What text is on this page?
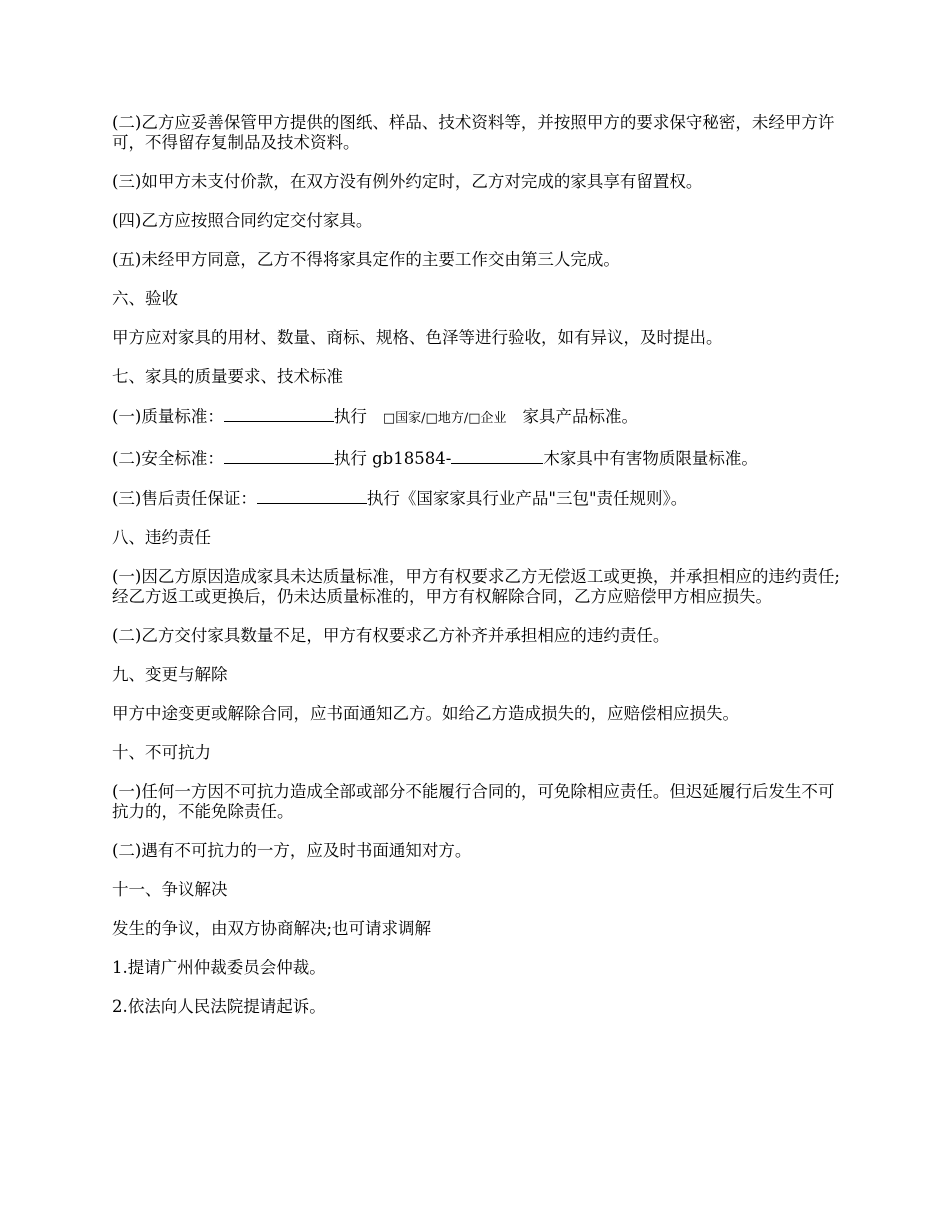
(二)乙方应妥善保管甲方提供的图纸、样品、技术资料等，并按照甲方的要求保守秘密，未经甲方许可，不得留存复制品及技术资料。

(三)如甲方未支付价款，在双方没有例外约定时，乙方对完成的家具享有留置权。

(四)乙方应按照合同约定交付家具。

(五)未经甲方同意，乙方不得将家具定作的主要工作交由第三人完成。

六、验收

甲方应对家具的用材、数量、商标、规格、色泽等进行验收，如有异议，及时提出。

七、家具的质量要求、技术标准

(一)质量标准：	执行 □国家/□地方/□企业 家具产品标准。

(二)安全标准：	执行 gb18584-	木家具中有害物质限量标准。

(三)售后责任保证：	执行《国家家具行业产品"三包"责任规则》。

八、违约责任

(一)因乙方原因造成家具未达质量标准，甲方有权要求乙方无偿返工或更换，并承担相应的违约责任;经乙方返工或更换后，仍未达质量标准的，甲方有权解除合同，乙方应赔偿甲方相应损失。

(二)乙方交付家具数量不足，甲方有权要求乙方补齐并承担相应的违约责任。

九、变更与解除

甲方中途变更或解除合同，应书面通知乙方。如给乙方造成损失的，应赔偿相应损失。

十、不可抗力

(一)任何一方因不可抗力造成全部或部分不能履行合同的，可免除相应责任。但迟延履行后发生不可抗力的，不能免除责任。

(二)遇有不可抗力的一方，应及时书面通知对方。

十一、争议解决

发生的争议，由双方协商解决;也可请求调解

1.提请广州仲裁委员会仲裁。

2.依法向人民法院提请起诉。
